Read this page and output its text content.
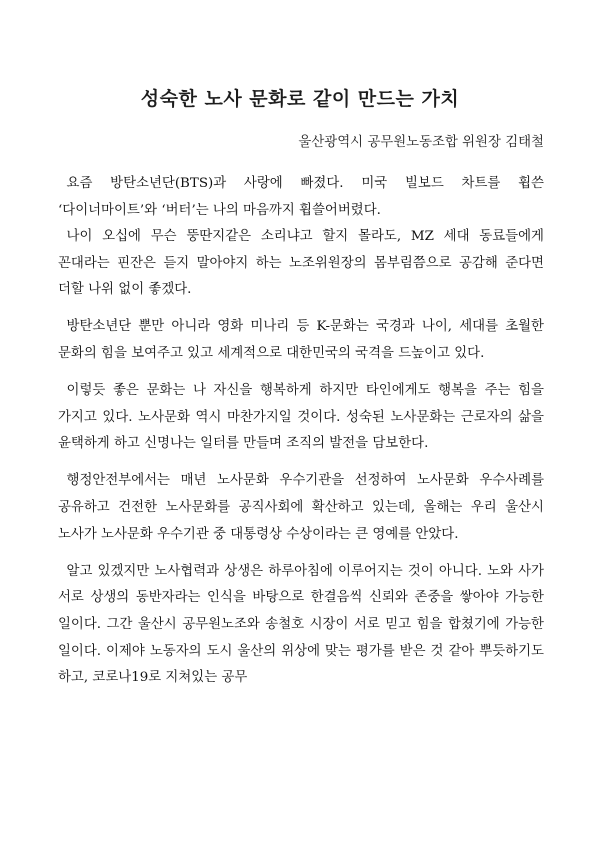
성숙한 노사 문화로 같이 만드는 가치
울산광역시 공무원노동조합 위원장 김태철

요즘 방탄소년단(BTS)과 사랑에 빠졌다. 미국 빌보드 차트를 휩쓴 ‘다이너마이트’와 ‘버터’는 나의 마음까지 휩쓸어버렸다.

나이 오십에 무슨 뚱딴지같은 소리냐고 할지 몰라도, MZ 세대 동료들에게 꼰대라는 핀잔은 듣지 말아야지 하는 노조위원장의 몸부림쯤으로 공감해 준다면 더할 나위 없이 좋겠다.

방탄소년단 뿐만 아니라 영화 미나리 등 K-문화는 국경과 나이, 세대를 초월한 문화의 힘을 보여주고 있고 세계적으로 대한민국의 국격을 드높이고 있다.

이렇듯 좋은 문화는 나 자신을 행복하게 하지만 타인에게도 행복을 주는 힘을 가지고 있다. 노사문화 역시 마찬가지일 것이다. 성숙된 노사문화는 근로자의 삶을 윤택하게 하고 신명나는 일터를 만들며 조직의 발전을 담보한다.

행정안전부에서는 매년 노사문화 우수기관을 선정하여 노사문화 우수사례를 공유하고 건전한 노사문화를 공직사회에 확산하고 있는데, 올해는 우리 울산시 노사가 노사문화 우수기관 중 대통령상 수상이라는 큰 영예를 안았다.

알고 있겠지만 노사협력과 상생은 하루아침에 이루어지는 것이 아니다. 노와 사가 서로 상생의 동반자라는 인식을 바탕으로 한결음씩 신뢰와 존중을 쌓아야 가능한 일이다. 그간 울산시 공무원노조와 송철호 시장이 서로 믿고 힘을 합쳤기에 가능한 일이다. 이제야 노동자의 도시 울산의 위상에 맞는 평가를 받은 것 같아 뿌듯하기도 하고, 코로나19로 지쳐있는 공무
